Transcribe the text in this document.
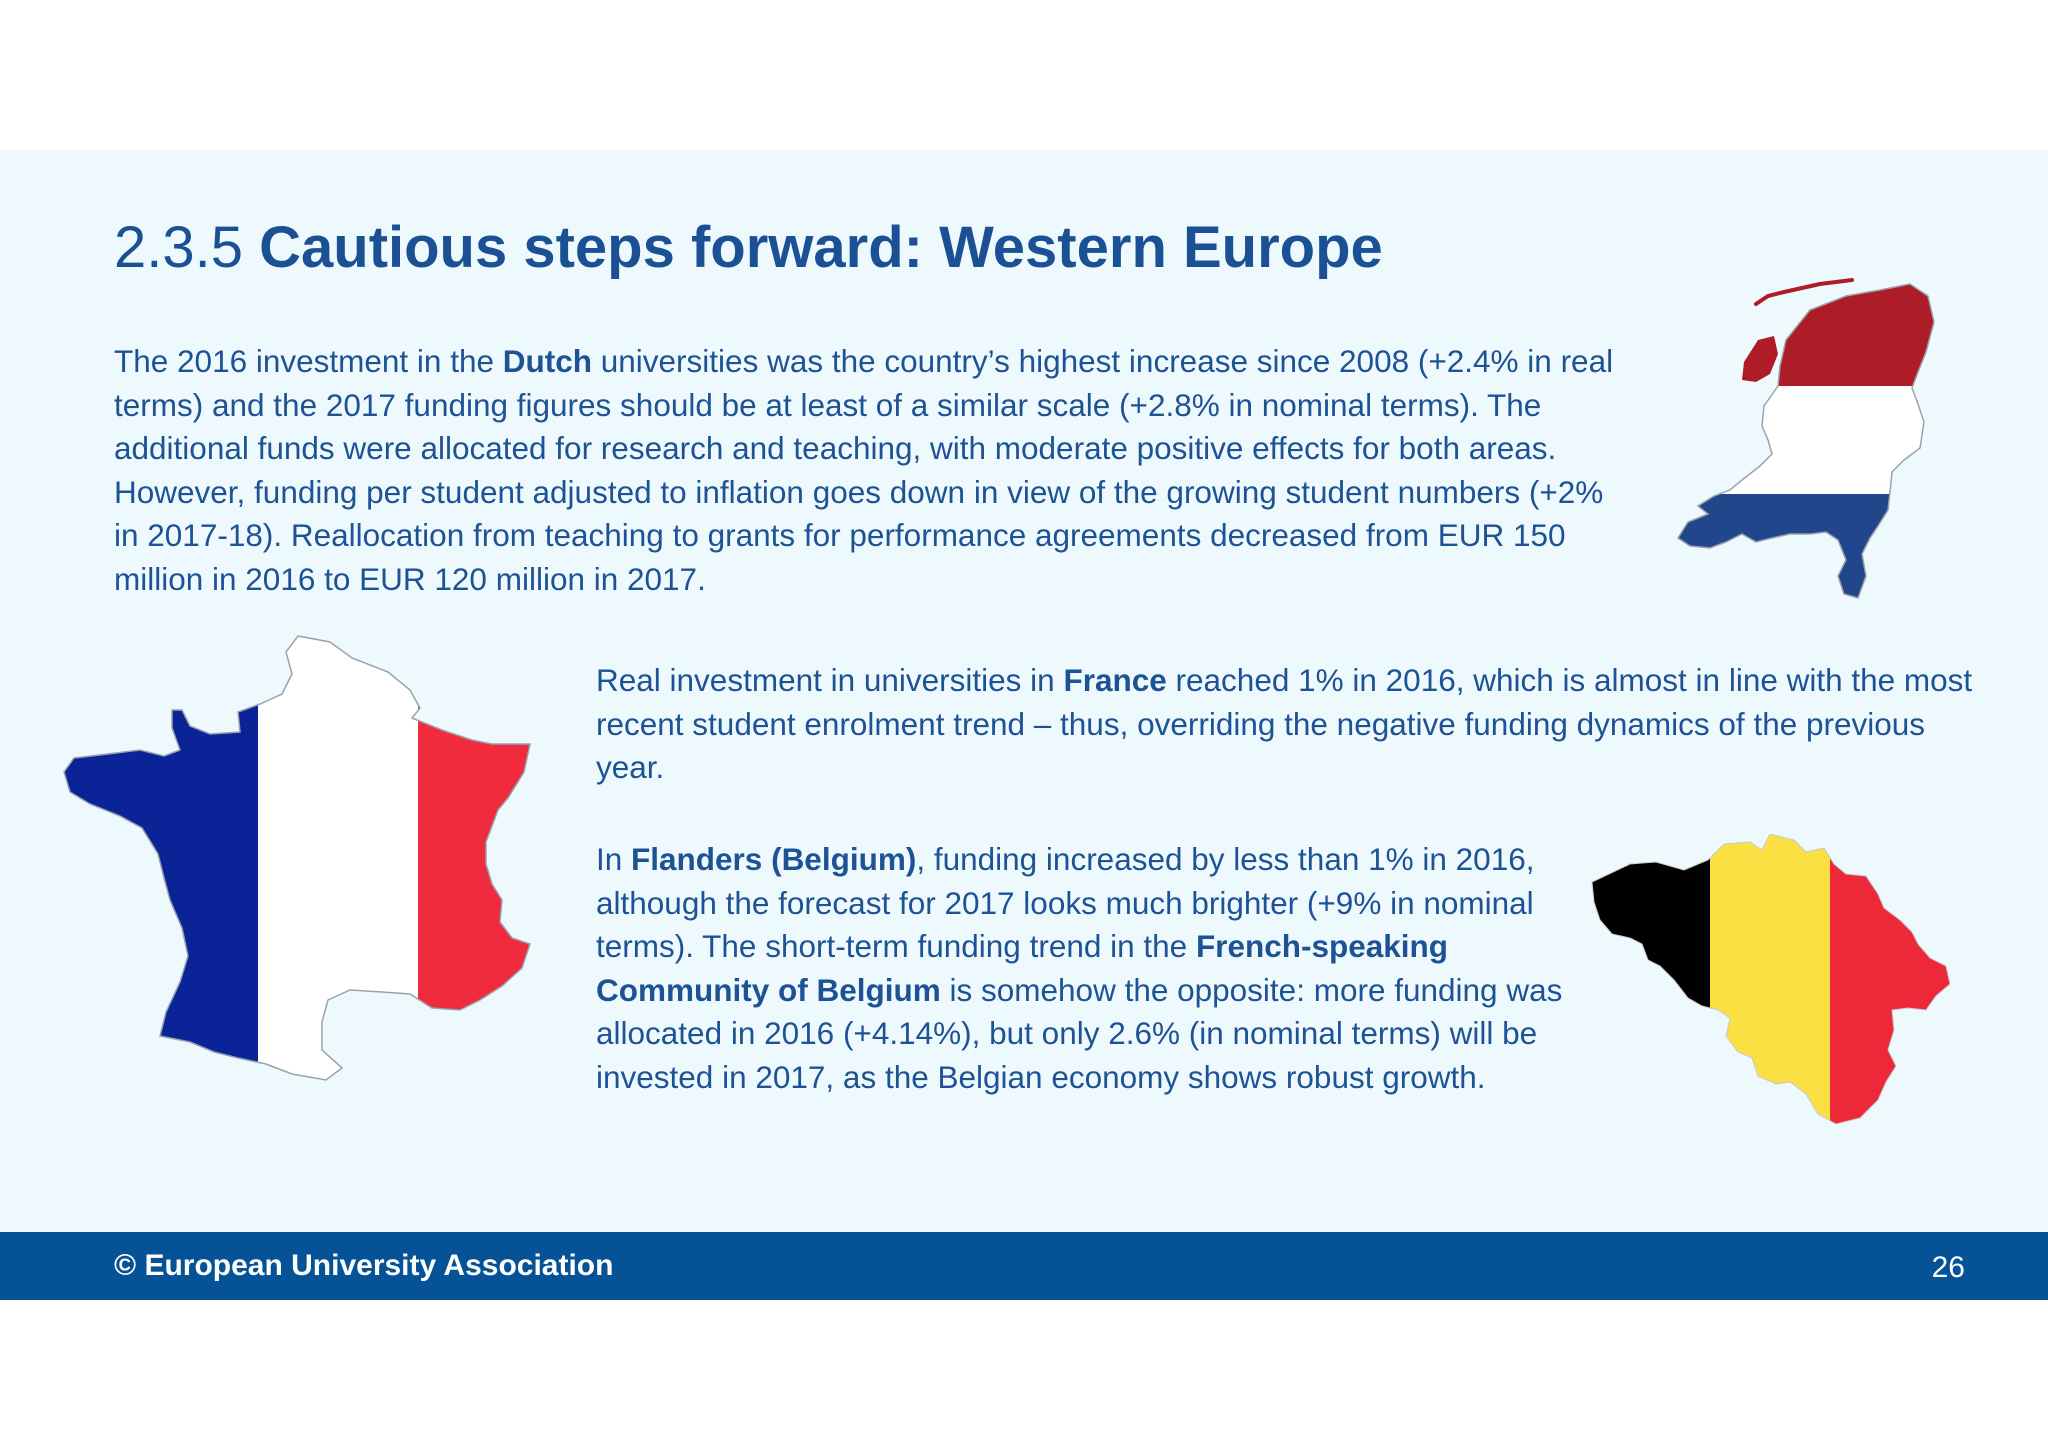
2.3.5 Cautious steps forward: Western Europe

The 2016 investment in the Dutch universities was the country’s highest increase since 2008 (+2.4% in real terms) and the 2017 funding figures should be at least of a similar scale (+2.8% in nominal terms). The additional funds were allocated for research and teaching, with moderate positive effects for both areas. However, funding per student adjusted to inflation goes down in view of the growing student numbers (+2% in 2017-18). Reallocation from teaching to grants for performance agreements decreased from EUR 150 million in 2016 to EUR 120 million in 2017.

Real investment in universities in France reached 1% in 2016, which is almost in line with the most recent student enrolment trend – thus, overriding the negative funding dynamics of the previous year.

In Flanders (Belgium), funding increased by less than 1% in 2016, although the forecast for 2017 looks much brighter (+9% in nominal terms). The short-term funding trend in the French-speaking Community of Belgium is somehow the opposite: more funding was allocated in 2016 (+4.14%), but only 2.6% (in nominal terms) will be invested in 2017, as the Belgian economy shows robust growth.

© European University Association	26
